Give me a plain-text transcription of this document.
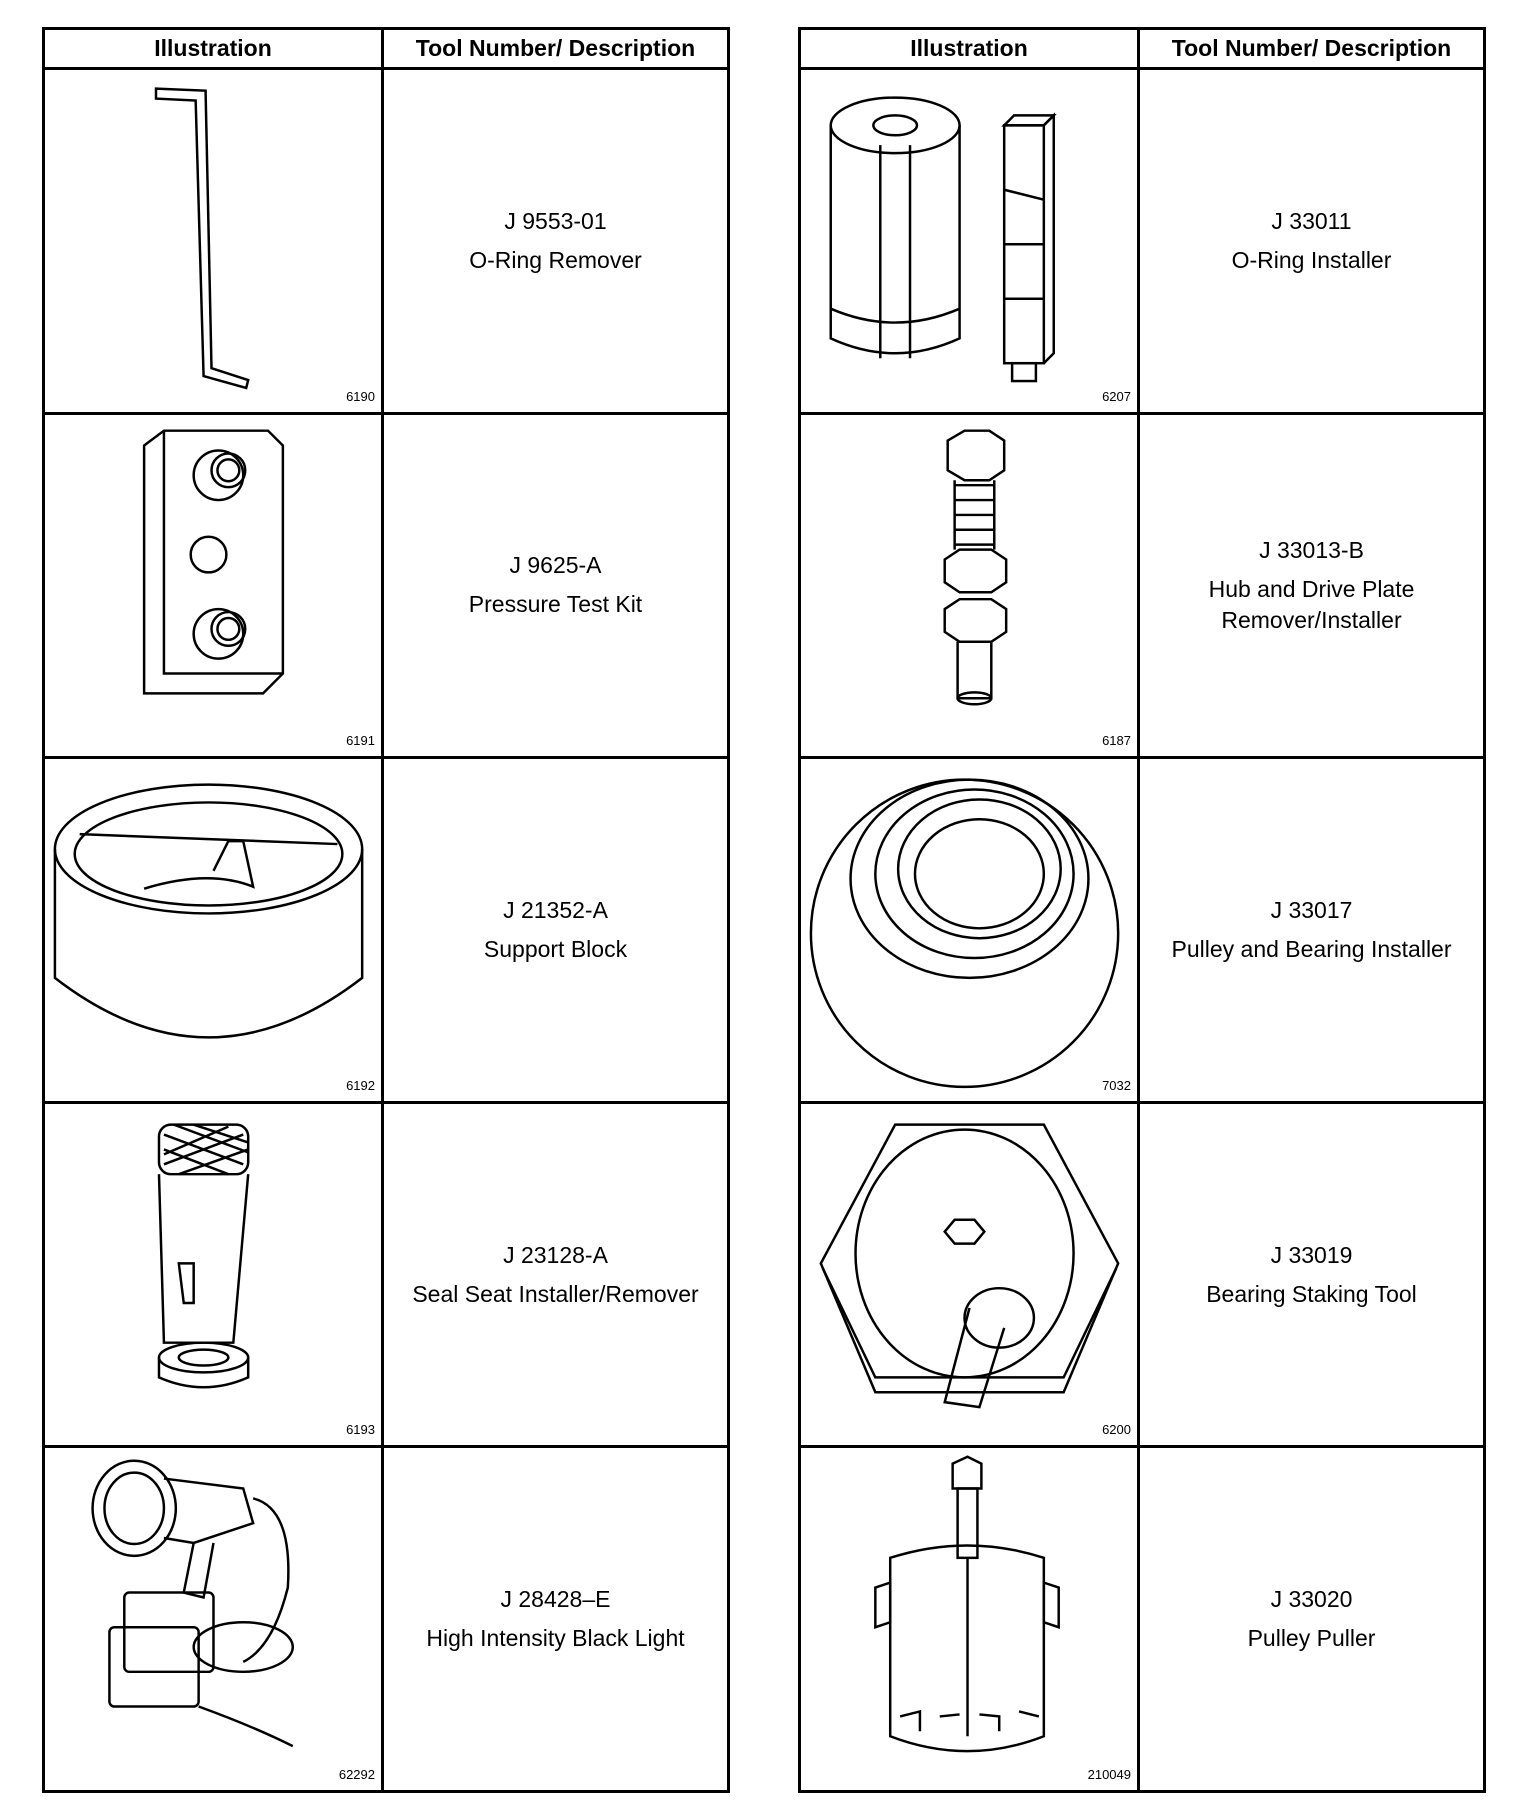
Illustration	Tool Number/ Description
6190
J 9553-01
O-Ring Remover
6191
J 9625-A
Pressure Test Kit
6192
J 21352-A
Support Block
6193
J 23128-A
Seal Seat Installer/Remover
62292
J 28428–E
High Intensity Black Light
Illustration	Tool Number/ Description
6207
J 33011
O-Ring Installer
6187
J 33013-B
Hub and Drive Plate Remover/Installer
7032
J 33017
Pulley and Bearing Installer
6200
J 33019
Bearing Staking Tool
210049
J 33020
Pulley Puller
